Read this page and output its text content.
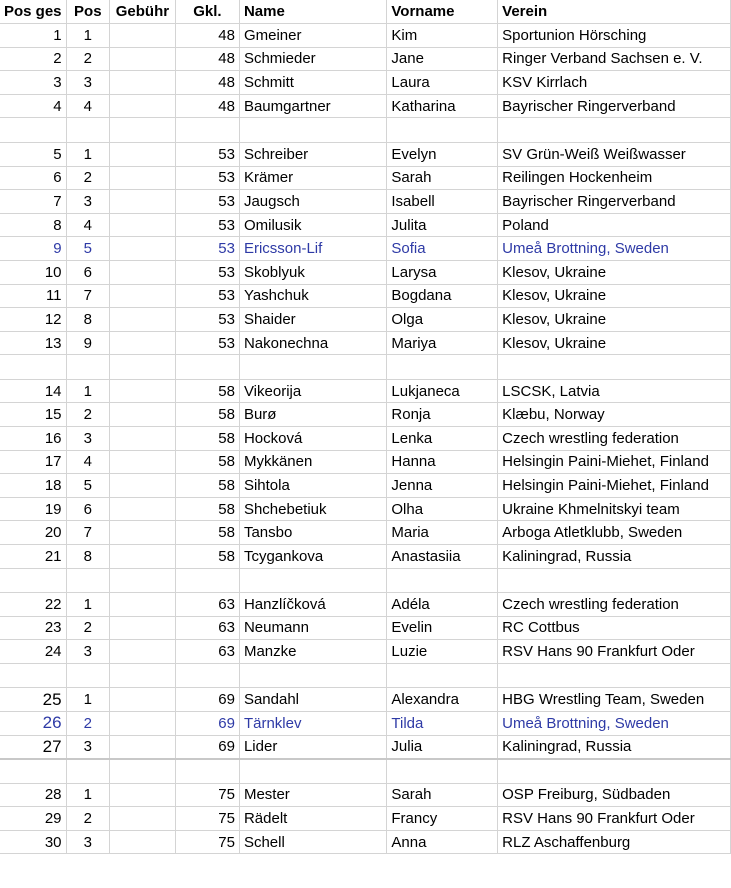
Pos ges	Pos	Gebühr	Gkl.	Name	Vorname	Verein
1	1		48	Gmeiner	Kim	Sportunion Hörsching
2	2		48	Schmieder	Jane	Ringer Verband Sachsen e. V.
3	3		48	Schmitt	Laura	KSV Kirrlach
4	4		48	Baumgartner	Katharina	Bayrischer Ringerverband

5	1		53	Schreiber	Evelyn	SV Grün-Weiß Weißwasser
6	2		53	Krämer	Sarah	Reilingen Hockenheim
7	3		53	Jaugsch	Isabell	Bayrischer Ringerverband
8	4		53	Omilusik	Julita	Poland
9	5		53	Ericsson-Lif	Sofia	Umeå Brottning, Sweden
10	6		53	Skoblyuk	Larysa	Klesov, Ukraine
11	7		53	Yashchuk	Bogdana	Klesov, Ukraine
12	8		53	Shaider	Olga	Klesov, Ukraine
13	9		53	Nakonechna	Mariya	Klesov, Ukraine

14	1		58	Vikeorija	Lukjaneca	LSCSK, Latvia
15	2		58	Burø	Ronja	Klæbu, Norway
16	3		58	Hocková	Lenka	Czech wrestling federation
17	4		58	Mykkänen	Hanna	Helsingin Paini-Miehet, Finland
18	5		58	Sihtola	Jenna	Helsingin Paini-Miehet, Finland
19	6		58	Shchebetiuk	Olha	Ukraine Khmelnitskyi team
20	7		58	Tansbo	Maria	Arboga Atletklubb, Sweden
21	8		58	Tcygankova	Anastasiia	Kaliningrad, Russia

22	1		63	Hanzlíčková	Adéla	Czech wrestling federation
23	2		63	Neumann	Evelin	RC Cottbus
24	3		63	Manzke	Luzie	RSV Hans 90 Frankfurt Oder

25	1		69	Sandahl	Alexandra	HBG Wrestling Team, Sweden
26	2		69	Tärnklev	Tilda	Umeå Brottning, Sweden
27	3		69	Lider	Julia	Kaliningrad, Russia

28	1		75	Mester	Sarah	OSP Freiburg, Südbaden
29	2		75	Rädelt	Francy	RSV Hans 90 Frankfurt Oder
30	3		75	Schell	Anna	RLZ Aschaffenburg
